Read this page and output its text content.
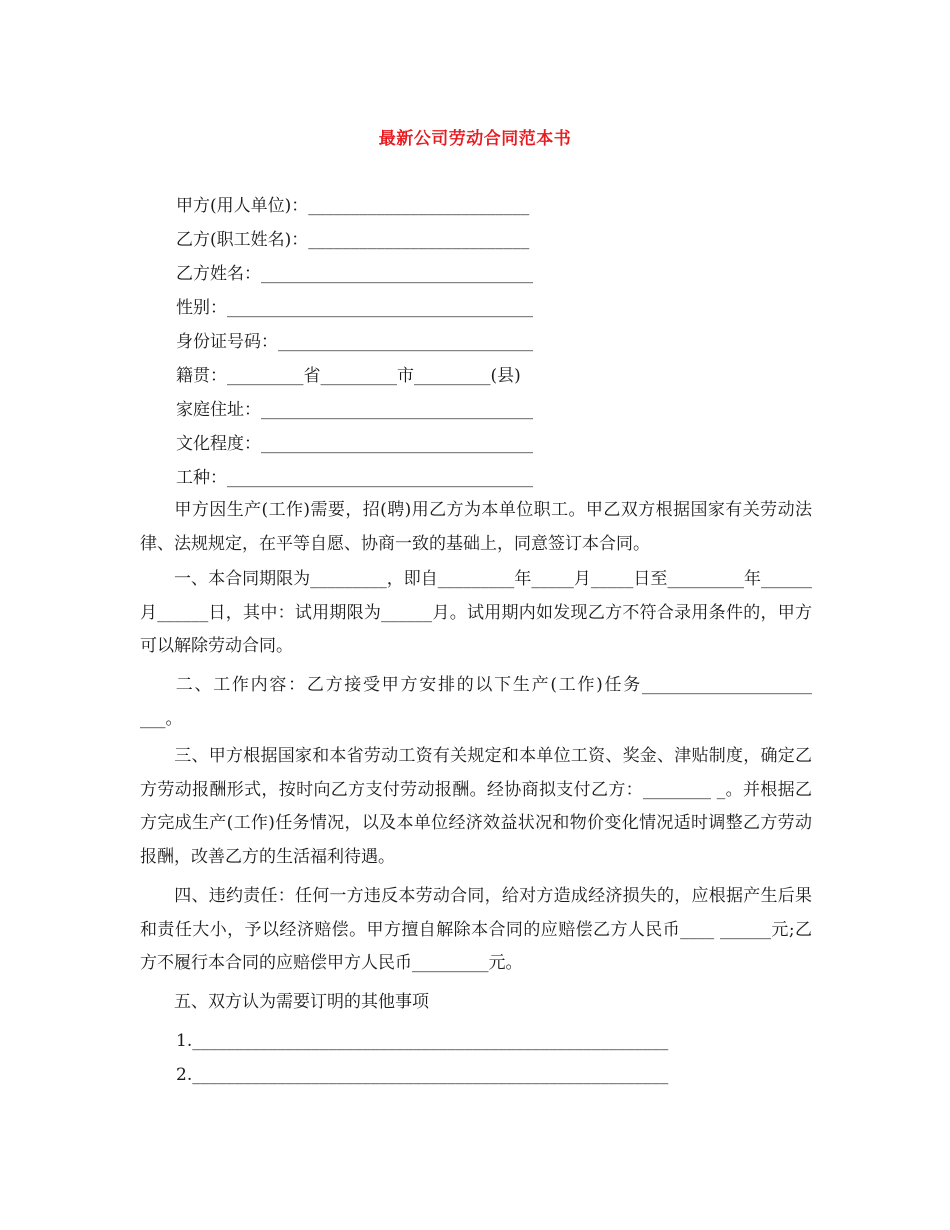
最新公司劳动合同范本书
甲方(用人单位)：__________________________
乙方(职工姓名)：__________________________
乙方姓名：________________________________
性别：____________________________________
身份证号码：______________________________
籍贯：_________省_________市_________(县)
家庭住址：________________________________
文化程度：________________________________
工种：____________________________________
甲方因生产(工作)需要，招(聘)用乙方为本单位职工。甲乙双方根据国家有关劳动法律、法规规定，在平等自愿、协商一致的基础上，同意签订本合同。
一、本合同期限为_________，即自_________年_____月_____日至_________年______月______日，其中：试用期限为______月。试用期内如发现乙方不符合录用条件的，甲方可以解除劳动合同。
二、工作内容：乙方接受甲方安排的以下生产(工作)任务____________________ ___。
三、甲方根据国家和本省劳动工资有关规定和本单位工资、奖金、津贴制度，确定乙方劳动报酬形式，按时向乙方支付劳动报酬。经协商拟支付乙方：________ _。并根据乙方完成生产(工作)任务情况，以及本单位经济效益状况和物价变化情况适时调整乙方劳动报酬，改善乙方的生活福利待遇。
四、违约责任：任何一方违反本劳动合同，给对方造成经济损失的，应根据产生后果和责任大小，予以经济赔偿。甲方擅自解除本合同的应赔偿乙方人民币____ ______元;乙方不履行本合同的应赔偿甲方人民币_________元。
五、双方认为需要订明的其他事项
1.________________________________________________________
2.________________________________________________________
